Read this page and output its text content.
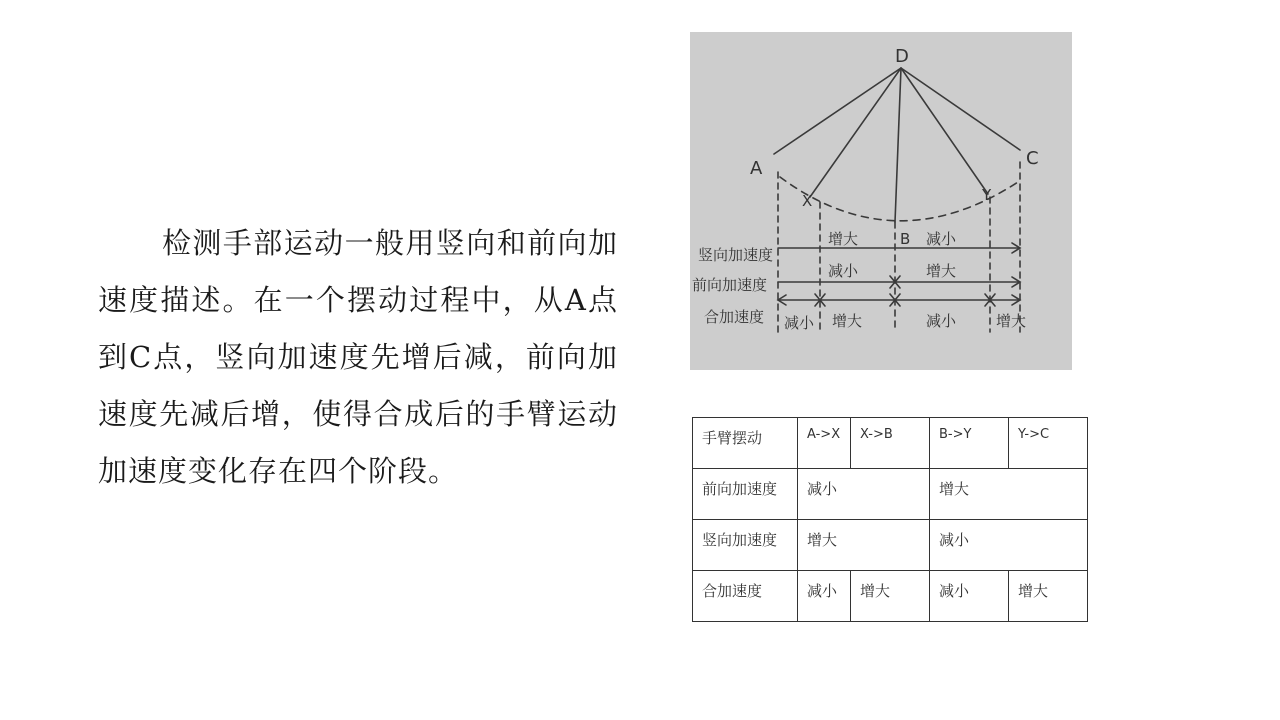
检测手部运动一般用竖向和前向加速度描述。在一个摆动过程中，从A点到C点，竖向加速度先增后减，前向加速度先减后增，使得合成后的手臂运动加速度变化存在四个阶段。

D
A	C
X	Y
B
竖向加速度
前向加速度
合加速度
增大	减小
减小	增大
减小 增大	减小	增大
手臂摆动	A->X	X->B	B->Y	Y->C
前向加速度	减小		增大	
竖向加速度	增大		减小	
合加速度	减小	增大	减小	增大
